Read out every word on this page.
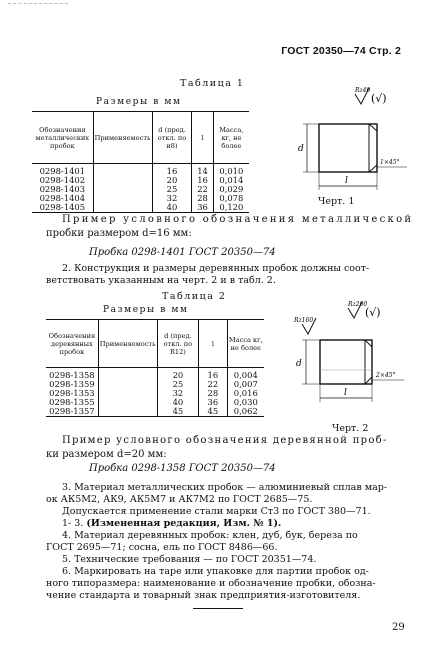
ГОСТ 20350—74 Стр. 2
Таблица 1
Размеры в мм
Обозначения металлических пробок	Применяемость	d (пред. откл. по и8)	l	Масса, кг, не более
0298-1401		16	14	0,010
0298-1402		20	16	0,014
0298-1403		25	22	0,029
0298-1404		32	28	0,078
0298-1405		40	36	0,120
Rz40
(√)
d
l
1×45°
Черт. 1
Пример условного обозначения металлической
пробки размером d=16 мм:
Пробка 0298-1401 ГОСТ 20350—74
2. Конструкция и размеры деревянных пробок должны соот-
ветствовать указанным на черт. 2 и в табл. 2.
Таблица 2
Размеры в мм
Обозначения деревянных пробок	Применяемость	d (пред. откл. по R12)	l	Масса кг, не более
0298-1358		20	16	0,004
0298-1359		25	22	0,007
0298-1353		32	28	0,016
0298-1355		40	36	0,030
0298-1357		45	45	0,062
Rz200
(√)
Rz160
d
l
2×45°
Черт. 2
Пример условного обозначения деревянной проб-
ки размером d=20 мм:
Пробка 0298-1358 ГОСТ 20350—74
3. Материал металлических пробок — алюминиевый сплав мар-
ок АК5М2, АК9, АК5М7 и АК7М2 по ГОСТ 2685—75.
Допускается применение стали марки Ст3 по ГОСТ 380—71.
1- 3. (Измененная редакция, Изм. № 1).
4. Материал деревянных пробок: клен, дуб, бук, береза по
ГОСТ 2695—71; сосна, ель по ГОСТ 8486—66.
5. Технические требования — по ГОСТ 20351—74.
6. Маркировать на таре или упаковке для партии пробок од-
ного типоразмера: наименование и обозначение пробки, обозна-
чение стандарта и товарный знак предприятия-изготовителя.
29
